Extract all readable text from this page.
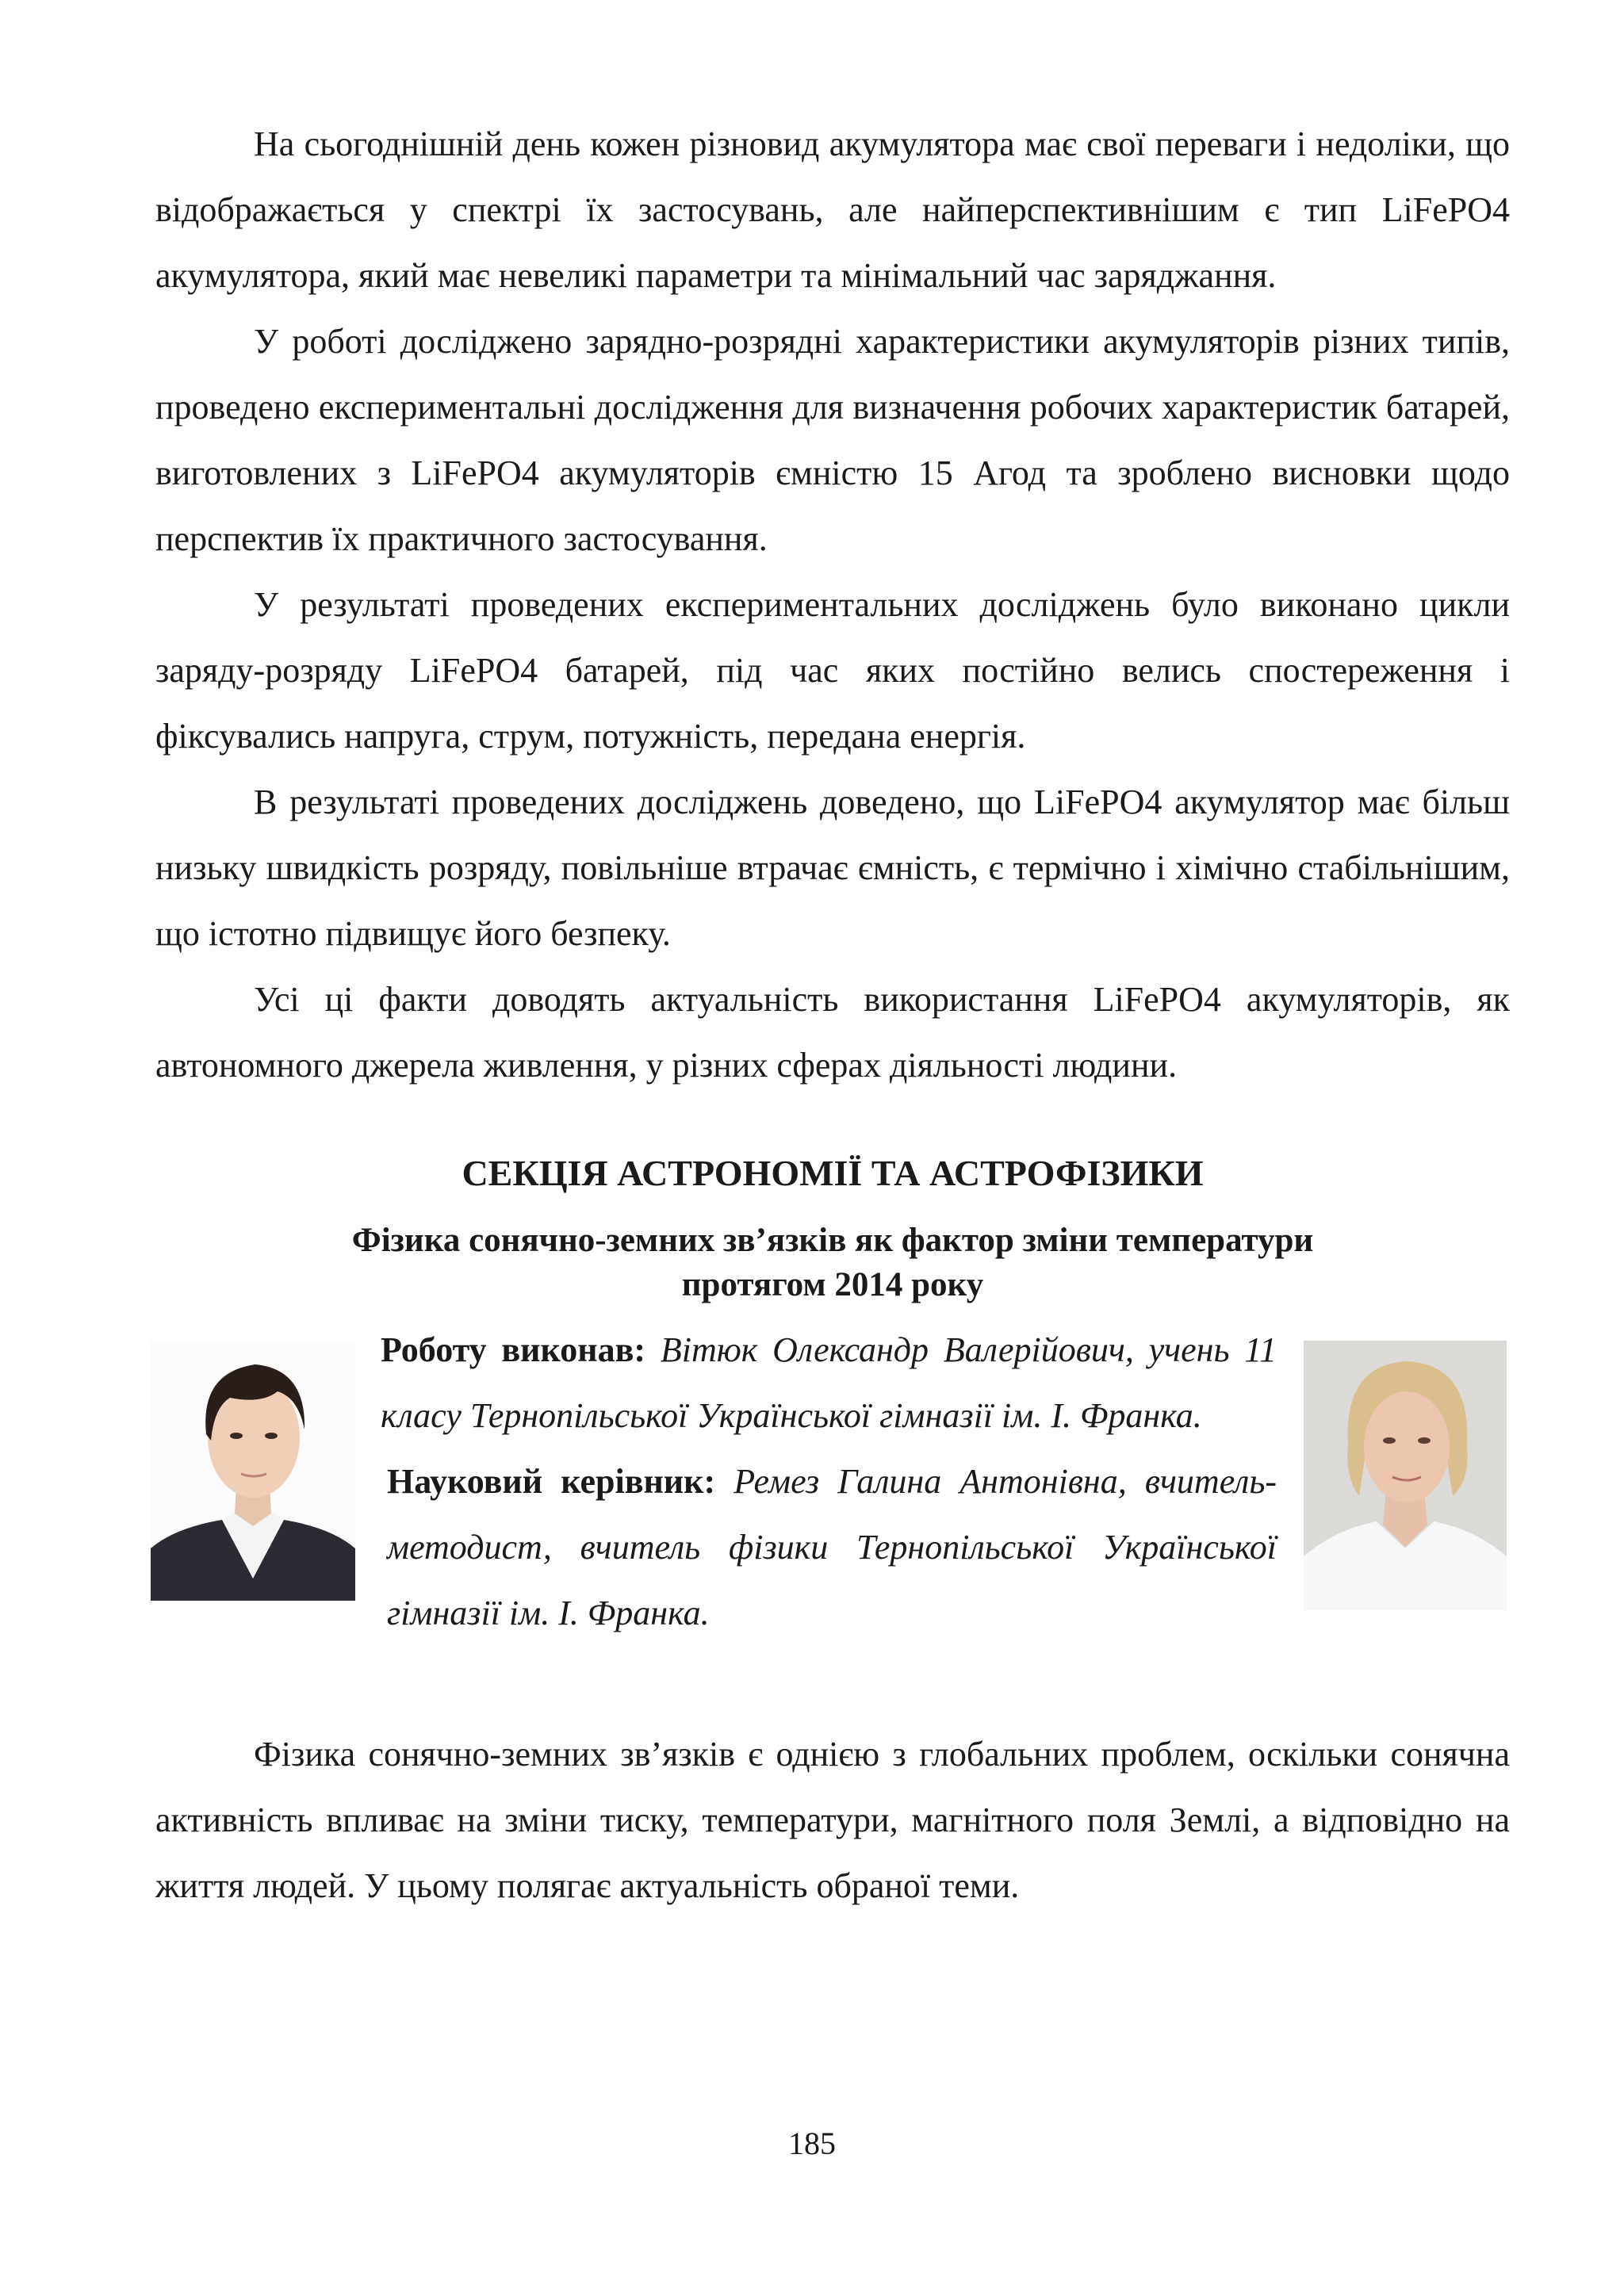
На сьогоднішній день кожен різновид акумулятора має свої переваги і недоліки, що відображається у спектрі їх застосувань, але найперспективнішим є тип LiFePO4 акумулятора, який має невеликі параметри та мінімальний час заряджання.

У роботі досліджено зарядно-розрядні характеристики акумуляторів різних типів, проведено експериментальні дослідження для визначення робочих характеристик батарей, виготовлених з LiFePO4 акумуляторів ємністю 15 Агод та зроблено висновки щодо перспектив їх практичного застосування.

У результаті проведених експериментальних досліджень було виконано цикли заряду-розряду LiFePO4 батарей, під час яких постійно велись спостереження і фіксувались напруга, струм, потужність, передана енергія.

В результаті проведених досліджень доведено, що LiFePO4 акумулятор має більш низьку швидкість розряду, повільніше втрачає ємність, є термічно і хімічно стабільнішим, що істотно підвищує його безпеку.

Усі ці факти доводять актуальність використання LiFePO4 акумуляторів, як автономного джерела живлення, у різних сферах діяльності людини.

СЕКЦІЯ АСТРОНОМІЇ ТА АСТРОФІЗИКИ
Фізика сонячно-земних зв’язків як фактор зміни температури
протягом 2014 року

Роботу виконав: Вітюк Олександр Валерійович, учень 11 класу Тернопільської Української гімназії ім. І. Франка.

Науковий керівник: Ремез Галина Антонівна, вчитель-методист, вчитель фізики Тернопільської Української гімназії ім. І. Франка.

Фізика сонячно-земних зв’язків є однією з глобальних проблем, оскільки сонячна активність впливає на зміни тиску, температури, магнітного поля Землі, а відповідно на життя людей. У цьому полягає актуальність обраної теми.

185
